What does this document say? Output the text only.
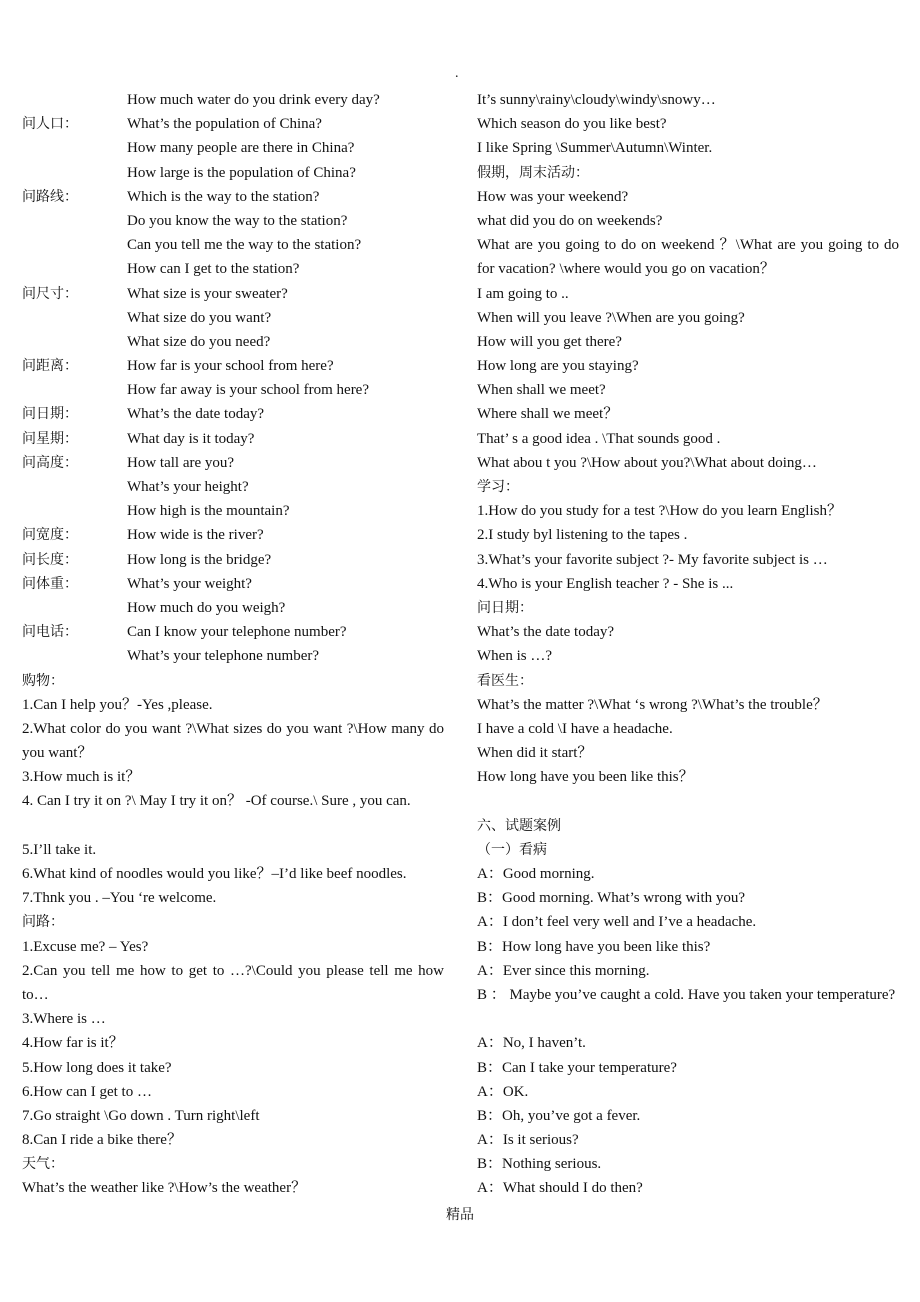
.
How much water do you drink every day?
问人口：	What’s the population of China?
How many people are there in China?
How large is the population of China?
问路线：	Which is the way to the station?
Do you know the way to the station?
Can you tell me the way to the station?
How can I get to the station?
问尺寸：	What size is your sweater?
What size do you want?
What size do you need?
问距离：	How far is your school from here?
How far away is your school from here?
问日期：	What’s the date today?
问星期：	What day is it today?
问高度：	How tall are you?
What’s your height?
How high is the mountain?
问宽度：	How wide is the river?
问长度：	How long is the bridge?
问体重：	What’s your weight?
How much do you weigh?
问电话：	Can I know your telephone number?
What’s your telephone number?
购物：
1.Can I help you？-Yes ,please.
2.What color do you want ?\What sizes do you want ?\How many do you want？
3.How much is it？
4. Can I try it on ?\ May I try it on？ -Of course.\ Sure , you can.
5.I’ll take it.
6.What kind of noodles would you like？–I’d like beef noodles.
7.Thnk you . –You ‘re welcome.
问路：
1.Excuse me? – Yes?
2.Can you tell me how to get to …?\Could you please tell me how to…
3.Where is …
4.How far is it？
5.How long does it take?
6.How can I get to …
7.Go straight \Go down . Turn right\left
8.Can I ride a bike there？
天气：
What’s the weather like ?\How’s the weather？
It’s sunny\rainy\cloudy\windy\snowy…
Which season do you like best?
I like Spring \Summer\Autumn\Winter.
假期，周末活动：
How was your weekend?
what did you do on weekends?
What are you going to do on weekend ？\What are you going to do for vacation? \where would you go on vacation？
I am going to ..
When will you leave ?\When are you going?
How will you get there?
How long are you staying?
When shall we meet?
Where shall we meet？
That’ s a good idea . \That sounds good .
What abou t you ?\How about you?\What about doing…
学习：
1.How do you study for a test ?\How do you learn English？
2.I study byl listening to the tapes .
3.What’s your favorite subject ?- My favorite subject is …
4.Who is your English teacher ? - She is ...
问日期：
What’s the date today?
When is …?
看医生：
What’s the matter ?\What ‘s wrong ?\What’s the trouble？
I have a cold \I have a headache.
When did it start？
How long have you been like this？
六、试题案例
（一）看病
A：Good morning.
B：Good morning. What’s wrong with you?
A：I don’t feel very well and I’ve a headache.
B：How long have you been like this?
A：Ever since this morning.
B ： Maybe you’ve caught a cold. Have you taken your temperature?
A：No, I haven’t.
B：Can I take your temperature?
A：OK.
B：Oh, you’ve got a fever.
A：Is it serious?
B：Nothing serious.
A：What should I do then?
精品
